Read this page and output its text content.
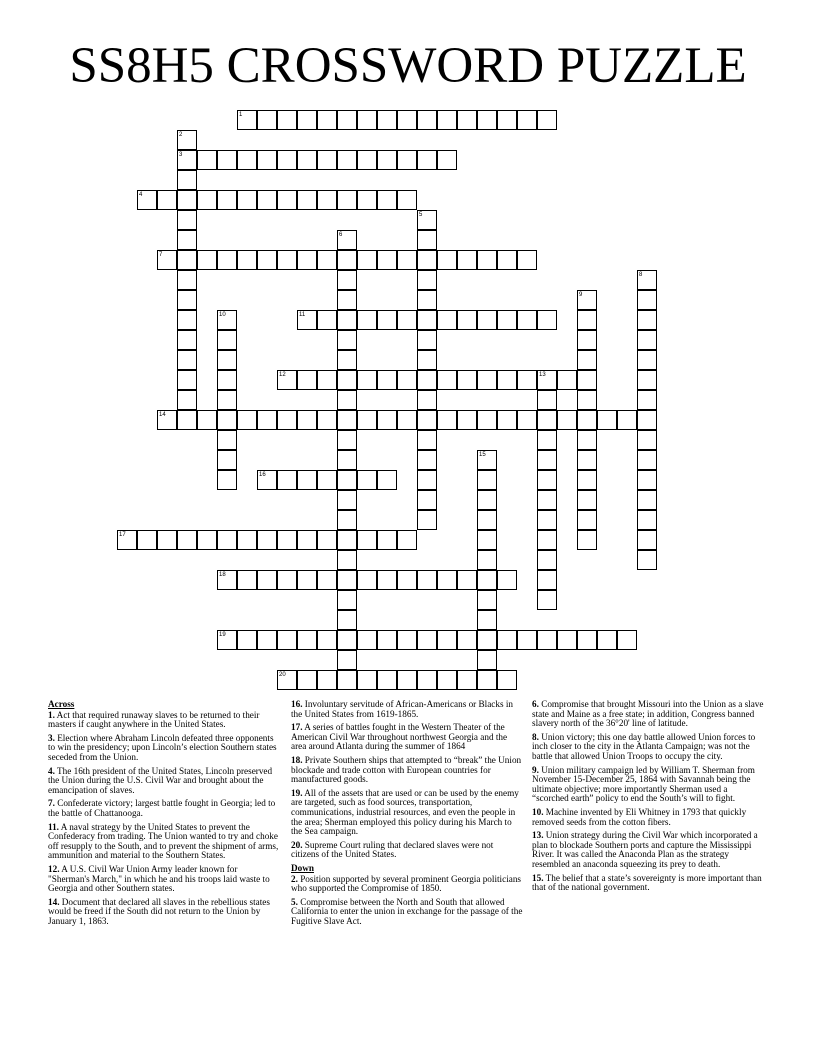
SS8H5 CROSSWORD PUZZLE
1
2
3
4
5
6
7
8
9
10	11
12	13
14
15
16
17
18
19
20
Across
1. Act that required runaway slaves to be returned to their masters if caught anywhere in the United States.
3. Election where Abraham Lincoln defeated three opponents to win the presidency; upon Lincoln’s election Southern states seceded from the Union.
4. The 16th president of the United States, Lincoln preserved the Union during the U.S. Civil War and brought about the emancipation of slaves.
7. Confederate victory; largest battle fought in Georgia; led to the battle of Chattanooga.
11. A naval strategy by the United States to prevent the Confederacy from trading. The Union wanted to try and choke off resupply to the South, and to prevent the shipment of arms, ammunition and material to the Southern States.
12. A U.S. Civil War Union Army leader known for "Sherman's March," in which he and his troops laid waste to Georgia and other Southern states.
14. Document that declared all slaves in the rebellious states would be freed if the South did not return to the Union by January 1, 1863.
16. Involuntary servitude of African-Americans or Blacks in the United States from 1619-1865.
17. A series of battles fought in the Western Theater of the American Civil War throughout northwest Georgia and the area around Atlanta during the summer of 1864
18. Private Southern ships that attempted to “break” the Union blockade and trade cotton with European countries for manufactured goods.
19. All of the assets that are used or can be used by the enemy are targeted, such as food sources, transportation, communications, industrial resources, and even the people in the area; Sherman employed this policy during his March to the Sea campaign.
20. Supreme Court ruling that declared slaves were not citizens of the United States.
Down
2. Position supported by several prominent Georgia politicians who supported the Compromise of 1850.
5. Compromise between the North and South that allowed California to enter the union in exchange for the passage of the Fugitive Slave Act.
6. Compromise that brought Missouri into the Union as a slave state and Maine as a free state; in addition, Congress banned slavery north of the 36°20' line of latitude.
8. Union victory; this one day battle allowed Union forces to inch closer to the city in the Atlanta Campaign; was not the battle that allowed Union Troops to occupy the city.
9. Union military campaign led by William T. Sherman from November 15-December 25, 1864 with Savannah being the ultimate objective; more importantly Sherman used a “scorched earth” policy to end the South’s will to fight.
10. Machine invented by Eli Whitney in 1793 that quickly removed seeds from the cotton fibers.
13. Union strategy during the Civil War which incorporated a plan to blockade Southern ports and capture the Mississippi River. It was called the Anaconda Plan as the strategy resembled an anaconda squeezing its prey to death.
15. The belief that a state’s sovereignty is more important than that of the national government.
